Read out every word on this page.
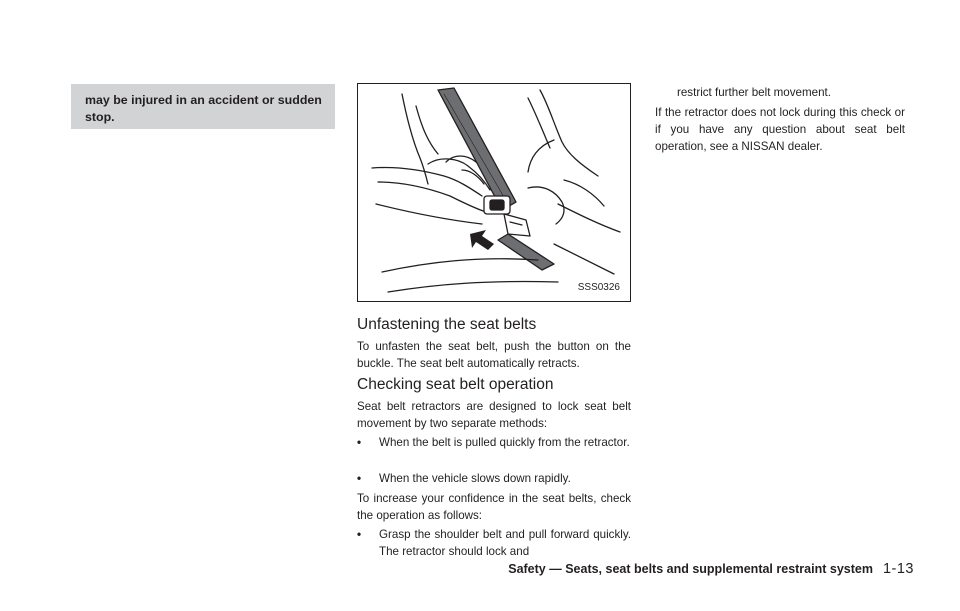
may be injured in an accident or sudden stop.
SSS0326
Unfastening the seat belts

To unfasten the seat belt, push the button on the buckle. The seat belt automatically retracts.

Checking seat belt operation

Seat belt retractors are designed to lock seat belt movement by two separate methods:

• When the belt is pulled quickly from the retractor.
• When the vehicle slows down rapidly.

To increase your confidence in the seat belts, check the operation as follows:

• Grasp the shoulder belt and pull forward quickly. The retractor should lock and

restrict further belt movement.

If the retractor does not lock during this check or if you have any question about seat belt operation, see a NISSAN dealer.

Safety — Seats, seat belts and supplemental restraint system 1-13
